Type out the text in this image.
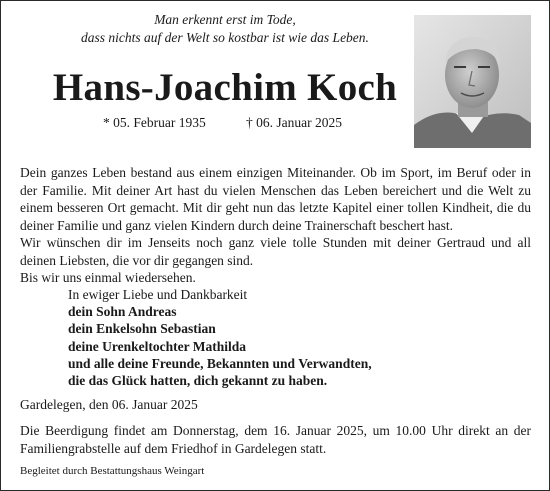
Man erkennt erst im Tode,
dass nichts auf der Welt so kostbar ist wie das Leben.
Hans-Joachim Koch
* 05. Februar 1935	† 06. Januar 2025

Dein ganzes Leben bestand aus einem einzigen Miteinander. Ob im Sport, im Beruf oder in der Familie. Mit deiner Art hast du vielen Menschen das Leben bereichert und die Welt zu einem besseren Ort gemacht. Mit dir geht nun das letzte Kapitel einer tollen Kindheit, die du deiner Familie und ganz vielen Kindern durch deine Trainerschaft beschert hast.

Wir wünschen dir im Jenseits noch ganz viele tolle Stunden mit deiner Gertraud und all deinen Liebsten, die vor dir gegangen sind.

Bis wir uns einmal wiedersehen.

In ewiger Liebe und Dankbarkeit
dein Sohn Andreas
dein Enkelsohn Sebastian
deine Urenkeltochter Mathilda
und alle deine Freunde, Bekannten und Verwandten,
die das Glück hatten, dich gekannt zu haben.
Gardelegen, den 06. Januar 2025

Die Beerdigung findet am Donnerstag, dem 16. Januar 2025, um 10.00 Uhr direkt an der Familiengrabstelle auf dem Friedhof in Gardelegen statt.

Begleitet durch Bestattungshaus Weingart
